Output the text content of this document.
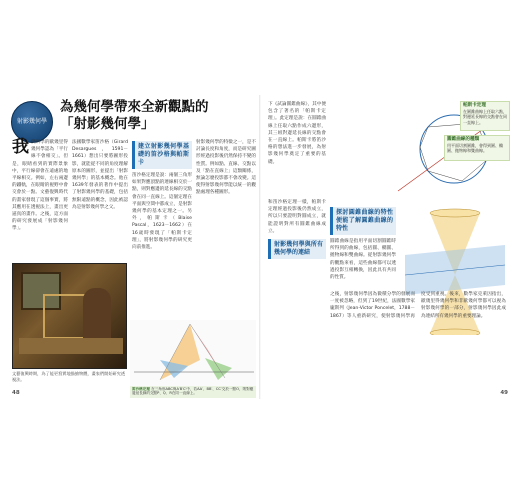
射影幾何學
為幾何學帶來全新觀點的
「射影幾何學」
我 們所學的歐幾里得幾何學認為「平行線不會相交」。但是，眼睛看到的實際景象中，平行線卻會在遠處的地平線相交。例如，左右兩邊的鐵軌，在眼睛的視野中會交會於一點。文藝復興時代的畫家發現了這個事實，將其應用在透視法上，畫出更逼真的畫作。之後，這方面的研究發展成「射影幾何學」。
法國數學家笛沙格（Girard Desargues，1591－1661）想出只要將圖形投影，就能從不同的角度理解原本的圖形，並提出「射影幾何學」的基本概念。他在1639年發表的著作中提出了射影幾何學的基礎，包括無限遠點的概念，因此被認為是射影幾何學之父。
建立射影幾何學基礎的笛沙格與帕斯卡
笛沙格定理是說：兩個三角形如果對應頂點的連線相交於一點，則對應邊的延長線的交點會在同一直線上。這個定理在平面與空間中都成立，是射影幾何學的基本定理之一。另外，帕斯卡（Blaise Pascal，1623－1662）在16歲時發現了「帕斯卡定理」，將射影幾何學的研究更向前推進。
射影幾何學的特徵之一，是不討論長度和角度，而是研究圖形經過投影後仍然保持不變的性質。例如點、直線、交點以及「點在直線上」這類關係，無論怎麼投影都不會改變。這使得射影幾何學能以統一的觀點處理各種圖形。
文藝復興時期，為了能更寫實地描繪物體，畫家們開始研究透視法。
笛沙格定理 在三角形ABC與A′B′C′中，若AA′、BB′、CC′交於一點O，則對應邊延長線的交點P、Q、R在同一直線上。
48
下《試論圓錐曲線》，其中便包含了著名的「帕斯卡定理」。此定理是說：在圓錐曲線上任取六點作成六邊形，其三組對邊延長線的交點會在一直線上。帕斯卡將笛沙格的想法進一步發展，為射影幾何學奠定了重要的基礎。
帕斯卡定理
在圓錐曲線上任取六點，對邊延長線的交點會在同一直線上。
探討圓錐曲線的特性便能了解圓錐曲線的特性
圓錐曲線是指用平面切割圓錐時所得到的曲線，包括圓、橢圓、拋物線和雙曲線。從射影幾何學的觀點來看，這些曲線都可以透過投影互相轉換，因此具有共同的性質。
圓錐曲線的種類
用平面切割圓錐，會得到圓、橢圓、拋物線和雙曲線。
和笛沙格定理一樣，帕斯卡定理經過投影後仍然成立，所以只要證明對圓成立，就能證明對所有圓錐曲線成立。
射影幾何學與所有幾何學的連結
之後，射影幾何學因為微積分學的發展而一度被忽略，但到了19世紀，法國數學家龐斯列（Jean-Victor Poncelet，1788－1867）等人重新研究，使射影幾何學再度受到重視。後來，數學家克萊因指出，歐幾里得幾何學和非歐幾何學都可以視為射影幾何學的一部分，射影幾何學因此成為連結所有幾何學的重要理論。
49
